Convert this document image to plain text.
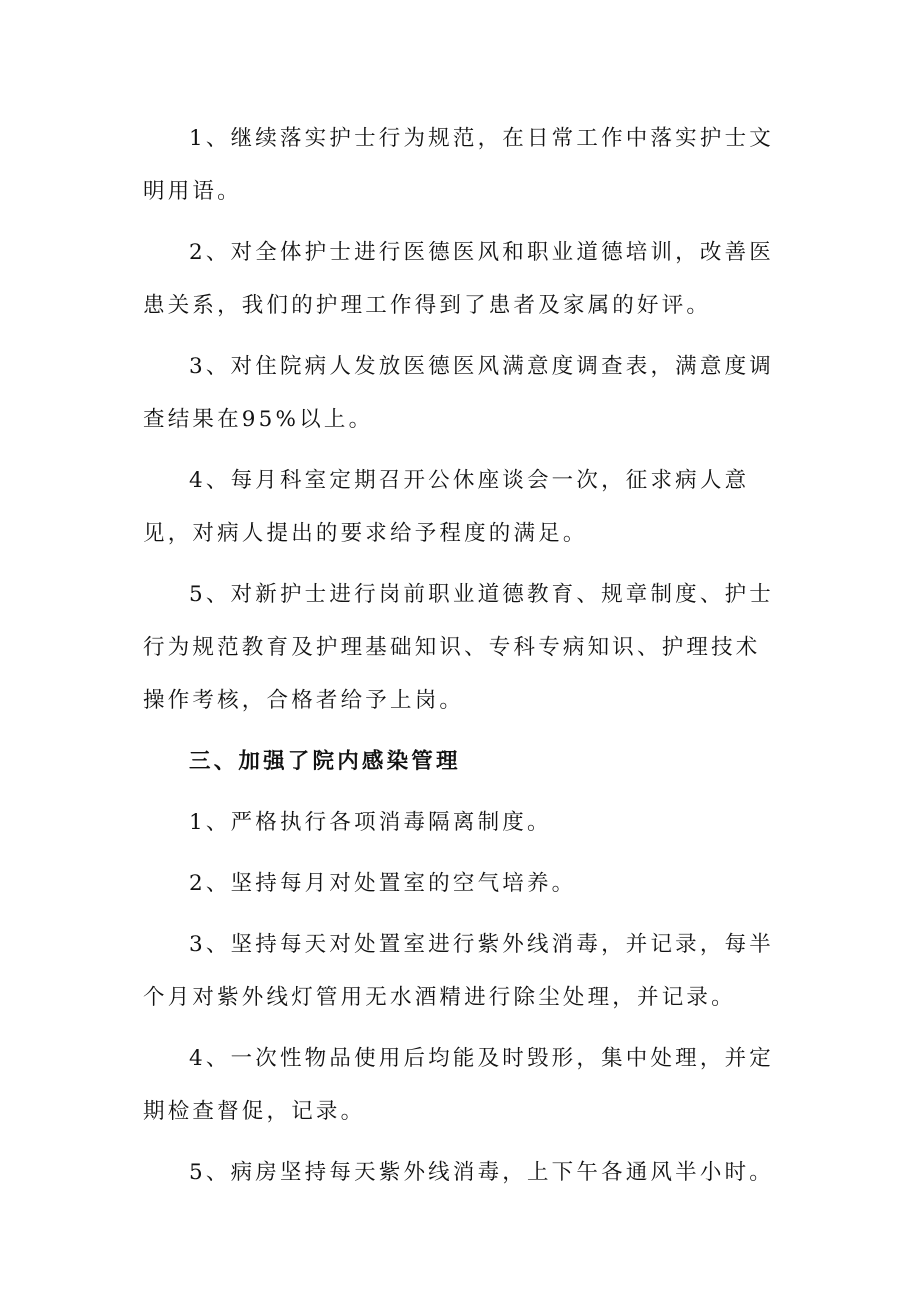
1、继续落实护士行为规范，在日常工作中落实护士文明用语。

2、对全体护士进行医德医风和职业道德培训，改善医患关系，我们的护理工作得到了患者及家属的好评。

3、对住院病人发放医德医风满意度调查表，满意度调查结果在95%以上。

4、每月科室定期召开公休座谈会一次，征求病人意见，对病人提出的要求给予程度的满足。

5、对新护士进行岗前职业道德教育、规章制度、护士行为规范教育及护理基础知识、专科专病知识、护理技术操作考核，合格者给予上岗。

三、加强了院内感染管理

1、严格执行各项消毒隔离制度。

2、坚持每月对处置室的空气培养。

3、坚持每天对处置室进行紫外线消毒，并记录，每半个月对紫外线灯管用无水酒精进行除尘处理，并记录。

4、一次性物品使用后均能及时毁形，集中处理，并定期检查督促，记录。

5、病房坚持每天紫外线消毒，上下午各通风半小时。
